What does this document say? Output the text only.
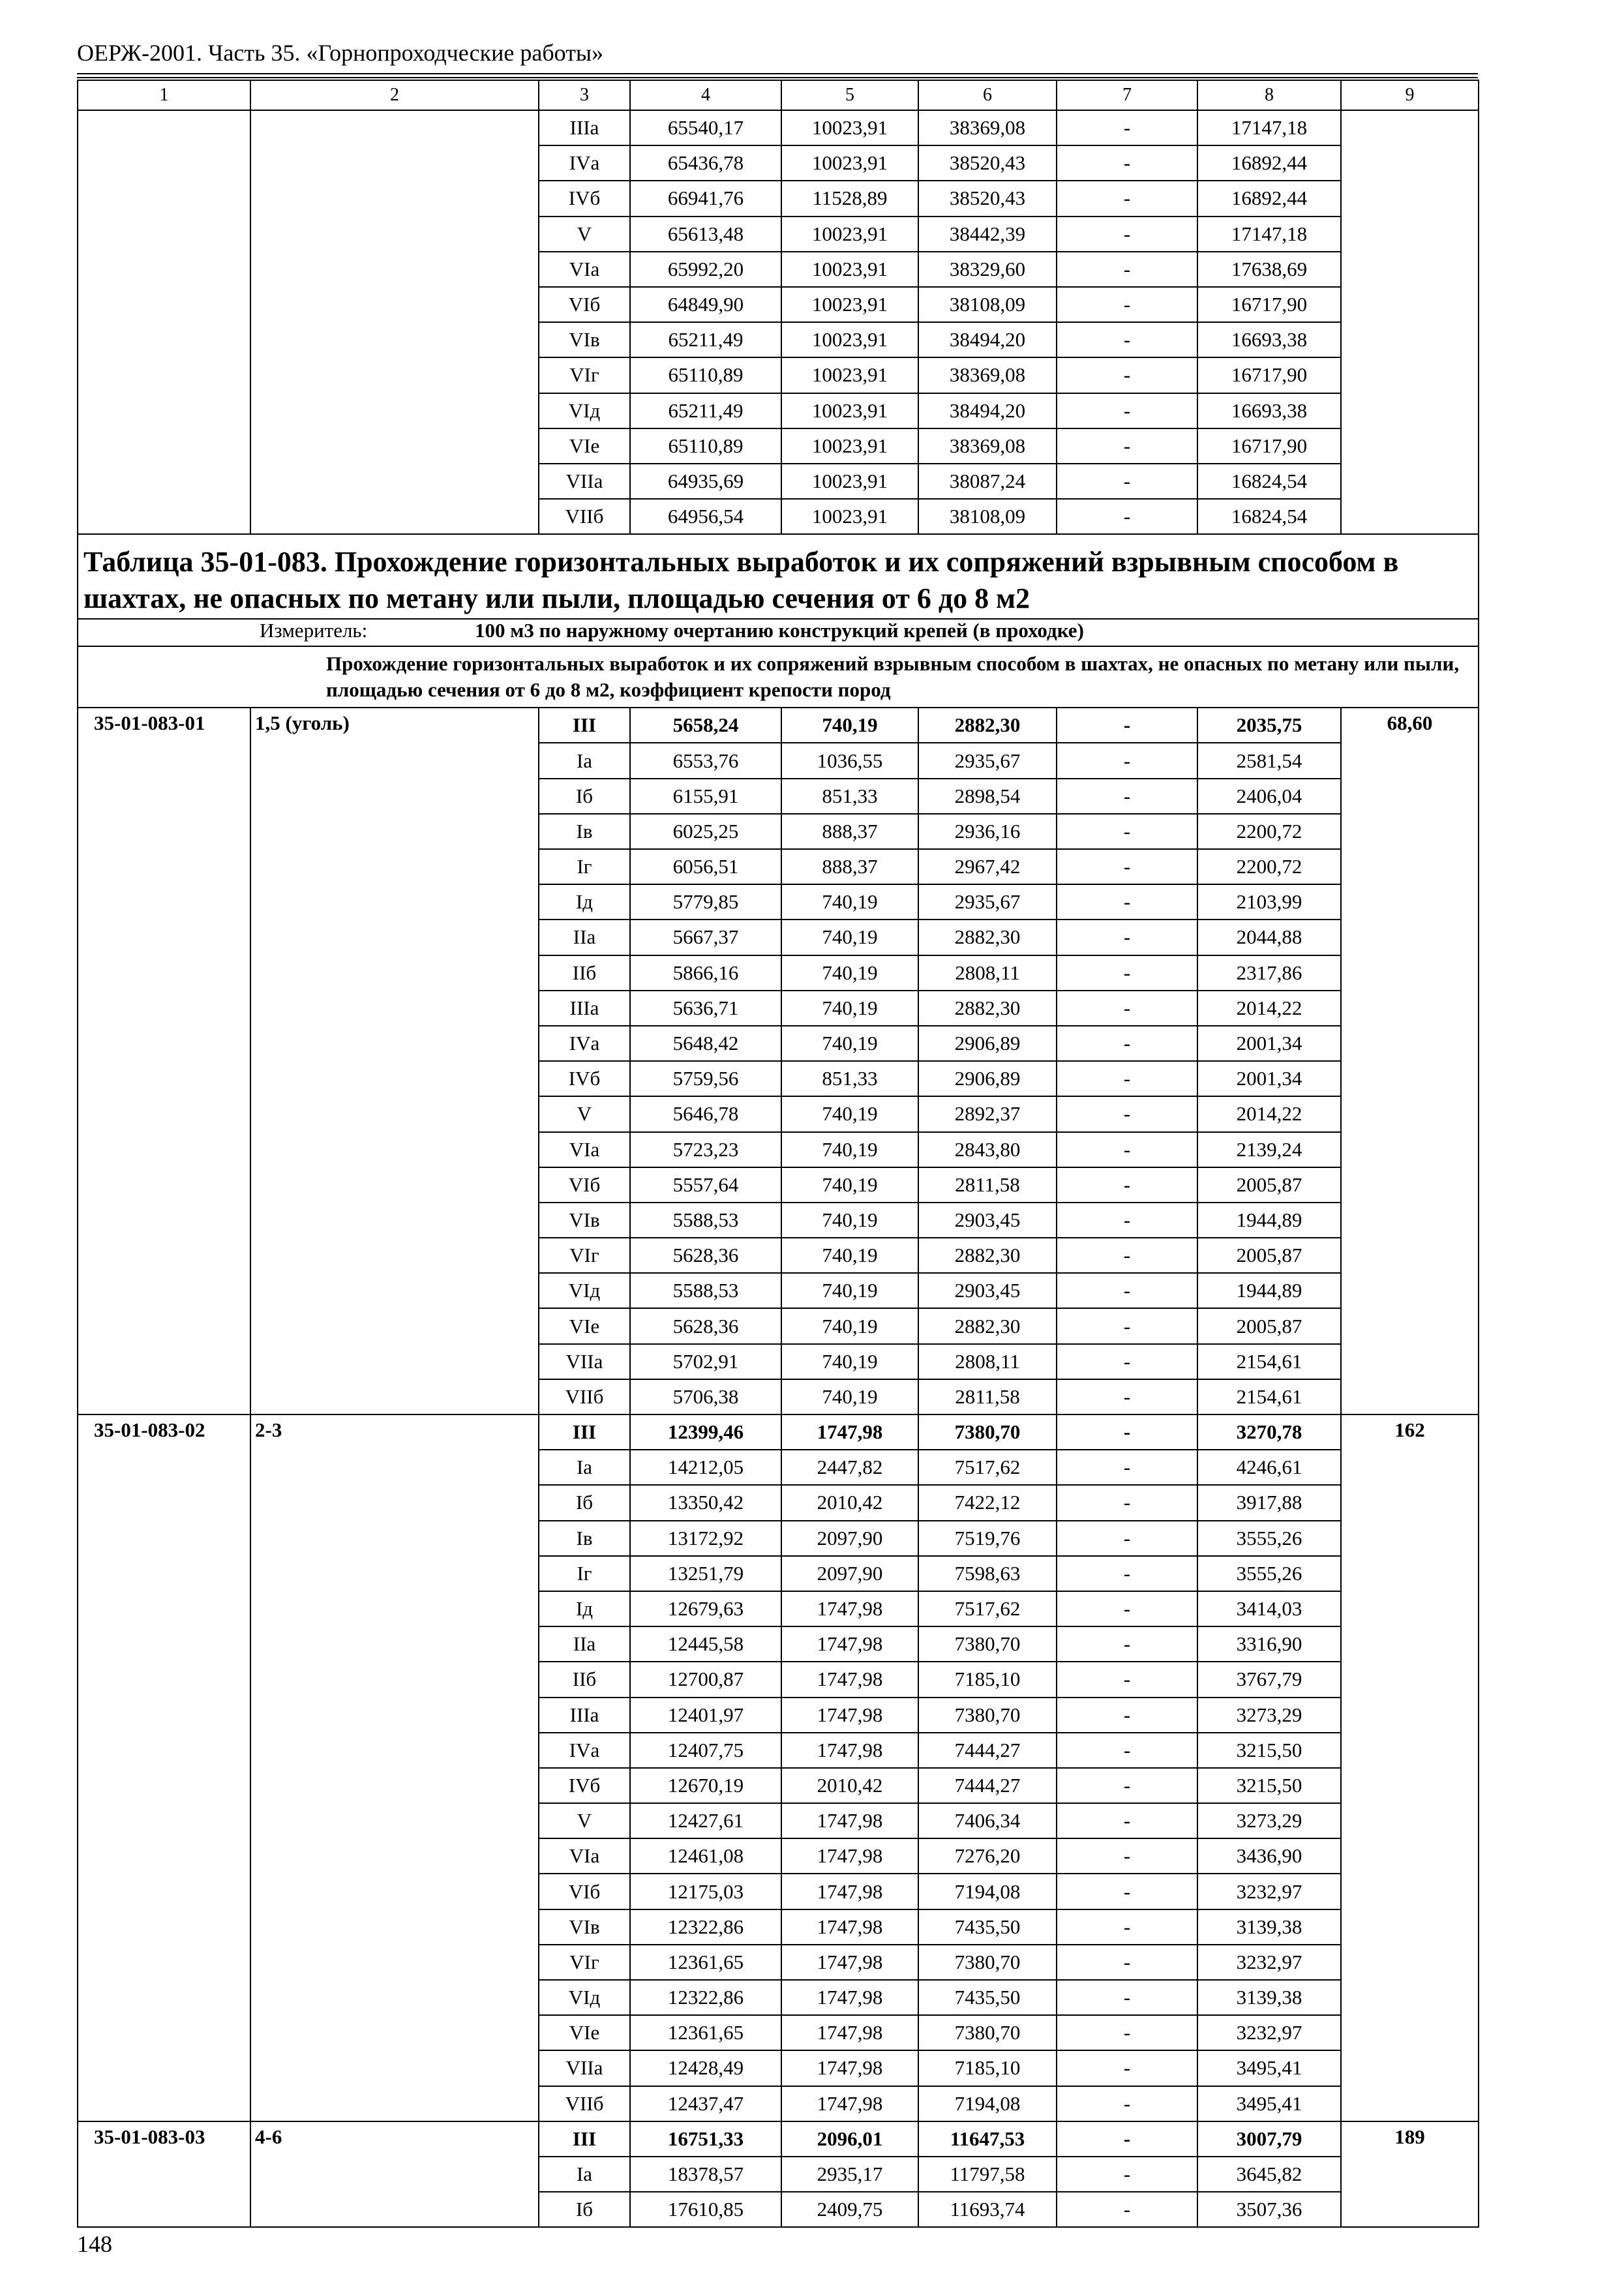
ОЕРЖ-2001. Часть 35. «Горнопроходческие работы»
1	2	3	4	5	6	7	8	9
		IIIа	65540,17	10023,91	38369,08	-	17147,18	
		IVа	65436,78	10023,91	38520,43	-	16892,44	
		IVб	66941,76	11528,89	38520,43	-	16892,44	
		V	65613,48	10023,91	38442,39	-	17147,18	
		VIа	65992,20	10023,91	38329,60	-	17638,69	
		VIб	64849,90	10023,91	38108,09	-	16717,90	
		VIв	65211,49	10023,91	38494,20	-	16693,38	
		VIг	65110,89	10023,91	38369,08	-	16717,90	
		VIд	65211,49	10023,91	38494,20	-	16693,38	
		VIе	65110,89	10023,91	38369,08	-	16717,90	
		VIIа	64935,69	10023,91	38087,24	-	16824,54	
		VIIб	64956,54	10023,91	38108,09	-	16824,54	
Таблица 35-01-083. Прохождение горизонтальных выработок и их сопряжений взрывным способом в шахтах, не опасных по метану или пыли, площадью сечения от 6 до 8 м2								
Измеритель: 100 м3 по наружному очертанию конструкций крепей (в проходке)								
Прохождение горизонтальных выработок и их сопряжений взрывным способом в шахтах, не опасных по метану или пыли, площадью сечения от 6 до 8 м2, коэффициент крепости пород								
35-01-083-01	1,5 (уголь)	III	5658,24	740,19	2882,30	-	2035,75	68,60
		Iа	6553,76	1036,55	2935,67	-	2581,54	
		Iб	6155,91	851,33	2898,54	-	2406,04	
		Iв	6025,25	888,37	2936,16	-	2200,72	
		Iг	6056,51	888,37	2967,42	-	2200,72	
		Iд	5779,85	740,19	2935,67	-	2103,99	
		IIа	5667,37	740,19	2882,30	-	2044,88	
		IIб	5866,16	740,19	2808,11	-	2317,86	
		IIIа	5636,71	740,19	2882,30	-	2014,22	
		IVа	5648,42	740,19	2906,89	-	2001,34	
		IVб	5759,56	851,33	2906,89	-	2001,34	
		V	5646,78	740,19	2892,37	-	2014,22	
		VIа	5723,23	740,19	2843,80	-	2139,24	
		VIб	5557,64	740,19	2811,58	-	2005,87	
		VIв	5588,53	740,19	2903,45	-	1944,89	
		VIг	5628,36	740,19	2882,30	-	2005,87	
		VIд	5588,53	740,19	2903,45	-	1944,89	
		VIе	5628,36	740,19	2882,30	-	2005,87	
		VIIа	5702,91	740,19	2808,11	-	2154,61	
		VIIб	5706,38	740,19	2811,58	-	2154,61	
35-01-083-02	2-3	III	12399,46	1747,98	7380,70	-	3270,78	162
		Iа	14212,05	2447,82	7517,62	-	4246,61	
		Iб	13350,42	2010,42	7422,12	-	3917,88	
		Iв	13172,92	2097,90	7519,76	-	3555,26	
		Iг	13251,79	2097,90	7598,63	-	3555,26	
		Iд	12679,63	1747,98	7517,62	-	3414,03	
		IIа	12445,58	1747,98	7380,70	-	3316,90	
		IIб	12700,87	1747,98	7185,10	-	3767,79	
		IIIа	12401,97	1747,98	7380,70	-	3273,29	
		IVа	12407,75	1747,98	7444,27	-	3215,50	
		IVб	12670,19	2010,42	7444,27	-	3215,50	
		V	12427,61	1747,98	7406,34	-	3273,29	
		VIа	12461,08	1747,98	7276,20	-	3436,90	
		VIб	12175,03	1747,98	7194,08	-	3232,97	
		VIв	12322,86	1747,98	7435,50	-	3139,38	
		VIг	12361,65	1747,98	7380,70	-	3232,97	
		VIд	12322,86	1747,98	7435,50	-	3139,38	
		VIе	12361,65	1747,98	7380,70	-	3232,97	
		VIIа	12428,49	1747,98	7185,10	-	3495,41	
		VIIб	12437,47	1747,98	7194,08	-	3495,41	
35-01-083-03	4-6	III	16751,33	2096,01	11647,53	-	3007,79	189
		Iа	18378,57	2935,17	11797,58	-	3645,82	
		Iб	17610,85	2409,75	11693,74	-	3507,36	
148
